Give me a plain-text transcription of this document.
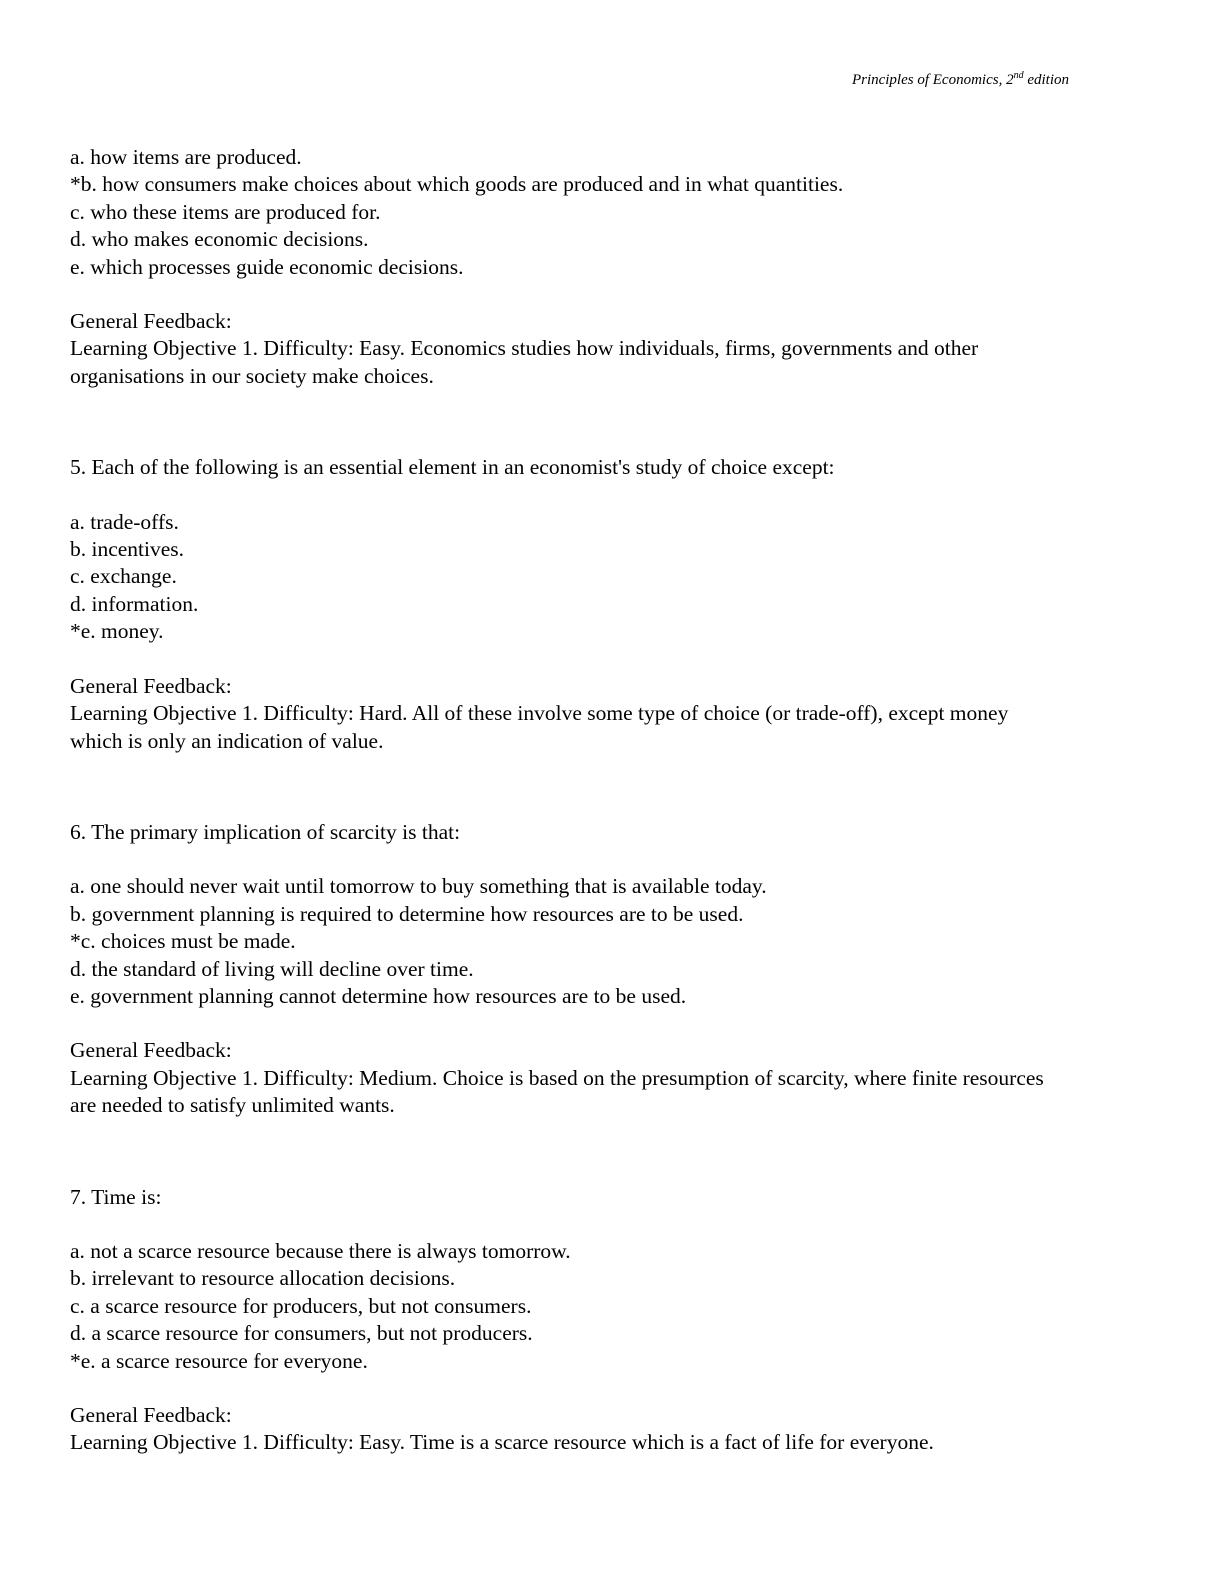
Principles of Economics, 2nd edition
a. how items are produced.
*b. how consumers make choices about which goods are produced and in what quantities.
c. who these items are produced for.
d. who makes economic decisions.
e. which processes guide economic decisions.
General Feedback:
Learning Objective 1. Difficulty: Easy. Economics studies how individuals, firms, governments and other organisations in our society make choices.
5. Each of the following is an essential element in an economist's study of choice except:
a. trade-offs.
b. incentives.
c. exchange.
d. information.
*e. money.
General Feedback:
Learning Objective 1. Difficulty: Hard. All of these involve some type of choice (or trade-off), except money which is only an indication of value.
6. The primary implication of scarcity is that:
a. one should never wait until tomorrow to buy something that is available today.
b. government planning is required to determine how resources are to be used.
*c. choices must be made.
d. the standard of living will decline over time.
e. government planning cannot determine how resources are to be used.
General Feedback:
Learning Objective 1. Difficulty: Medium. Choice is based on the presumption of scarcity, where finite resources are needed to satisfy unlimited wants.
7. Time is:
a. not a scarce resource because there is always tomorrow.
b. irrelevant to resource allocation decisions.
c. a scarce resource for producers, but not consumers.
d. a scarce resource for consumers, but not producers.
*e. a scarce resource for everyone.
General Feedback:
Learning Objective 1. Difficulty: Easy. Time is a scarce resource which is a fact of life for everyone.
